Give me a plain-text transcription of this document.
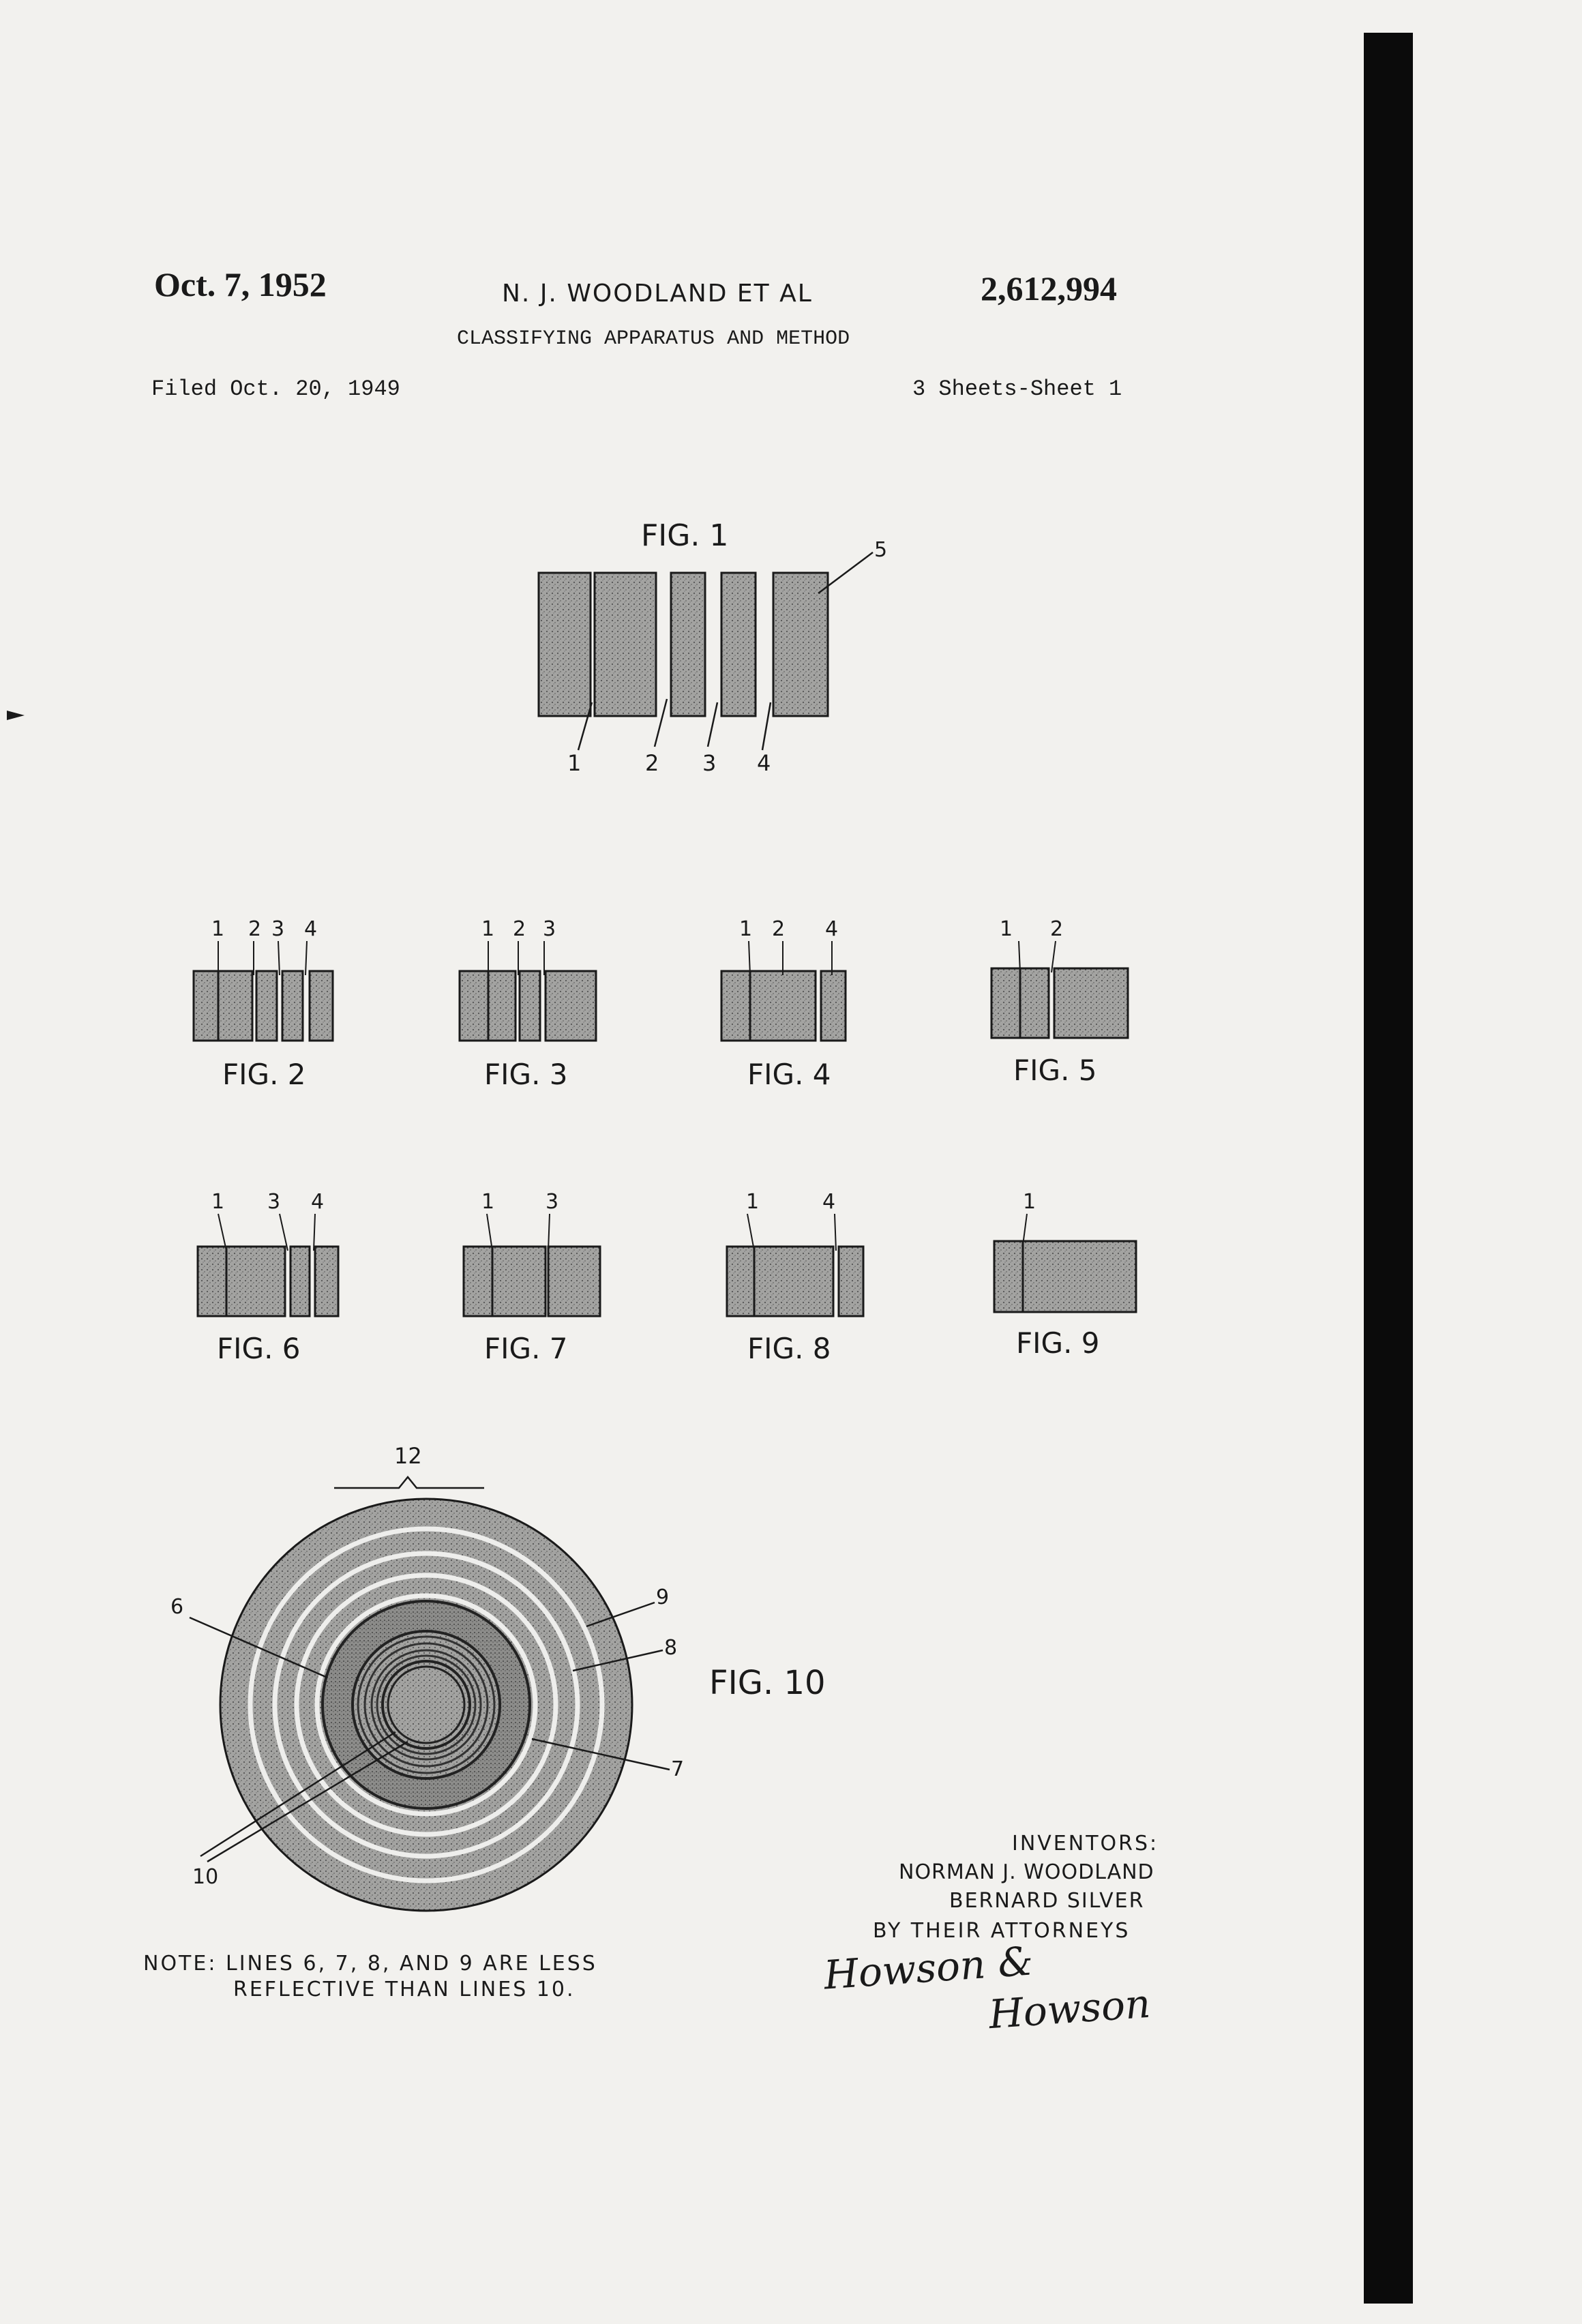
Oct. 7, 1952	N. J. WOODLAND ET AL	2,612,994
CLASSIFYING APPARATUS AND METHOD
Filed Oct. 20, 1949	3 Sheets-Sheet 1
FIG. 1
1	2 3 4
5
1 2 3 4
FIG. 2
1 2 3
FIG. 3
1 2 4
FIG. 4
1 2
FIG. 5
1 3 4
FIG. 6
1 3
FIG. 7
1	4
FIG. 8
1
FIG. 9
12
6	9
8
7
10
FIG. 10
NOTE: LINES 6, 7, 8, AND 9 ARE LESS
REFLECTIVE THAN LINES 10.
INVENTORS:
NORMAN J. WOODLAND
BERNARD SILVER
BY THEIR ATTORNEYS
Howson &
Howson
